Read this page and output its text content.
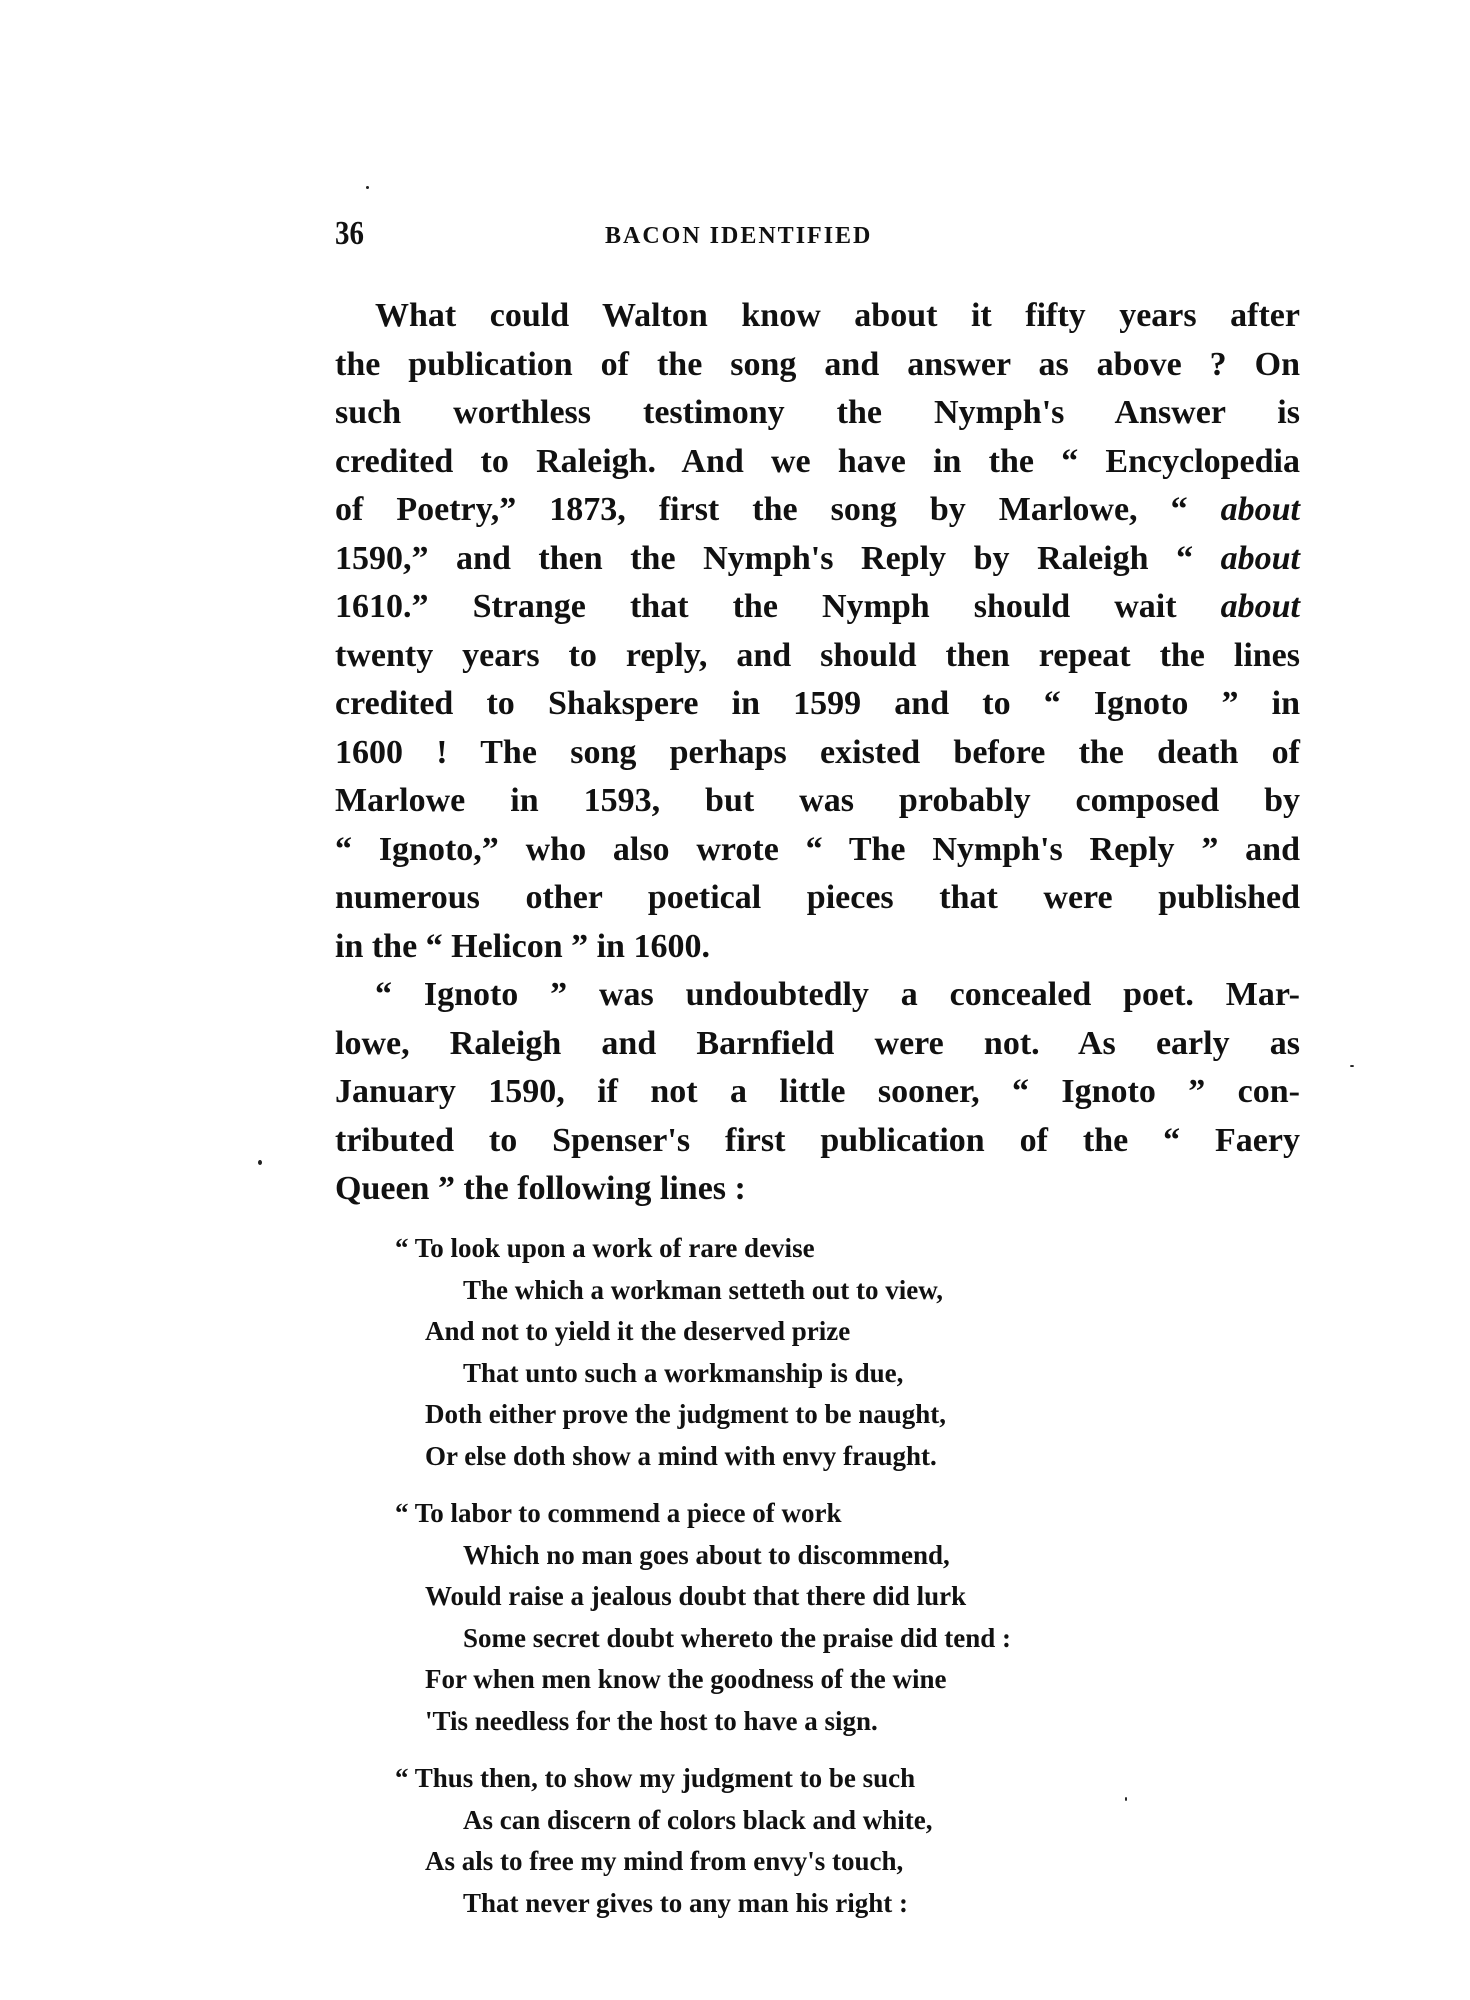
36	BACON IDENTIFIED
What could Walton know about it fifty years after
the publication of the song and answer as above ? On
such worthless testimony the Nymph's Answer is
credited to Raleigh. And we have in the “ Encyclopedia
of Poetry,” 1873, first the song by Marlowe, “ about
1590,” and then the Nymph's Reply by Raleigh “ about
1610.” Strange that the Nymph should wait about
twenty years to reply, and should then repeat the lines
credited to Shakspere in 1599 and to “ Ignoto ” in
1600 ! The song perhaps existed before the death of
Marlowe in 1593, but was probably composed by
“ Ignoto,” who also wrote “ The Nymph's Reply ” and
numerous other poetical pieces that were published
in the “ Helicon ” in 1600.
“ Ignoto ” was undoubtedly a concealed poet. Mar-
lowe, Raleigh and Barnfield were not. As early as
January 1590, if not a little sooner, “ Ignoto ” con-
tributed to Spenser's first publication of the “ Faery
Queen ” the following lines :
“ To look upon a work of rare devise
The which a workman setteth out to view,
And not to yield it the deserved prize
That unto such a workmanship is due,
Doth either prove the judgment to be naught,
Or else doth show a mind with envy fraught.
“ To labor to commend a piece of work
Which no man goes about to discommend,
Would raise a jealous doubt that there did lurk
Some secret doubt whereto the praise did tend :
For when men know the goodness of the wine
'Tis needless for the host to have a sign.
“ Thus then, to show my judgment to be such
As can discern of colors black and white,
As als to free my mind from envy's touch,
That never gives to any man his right :
